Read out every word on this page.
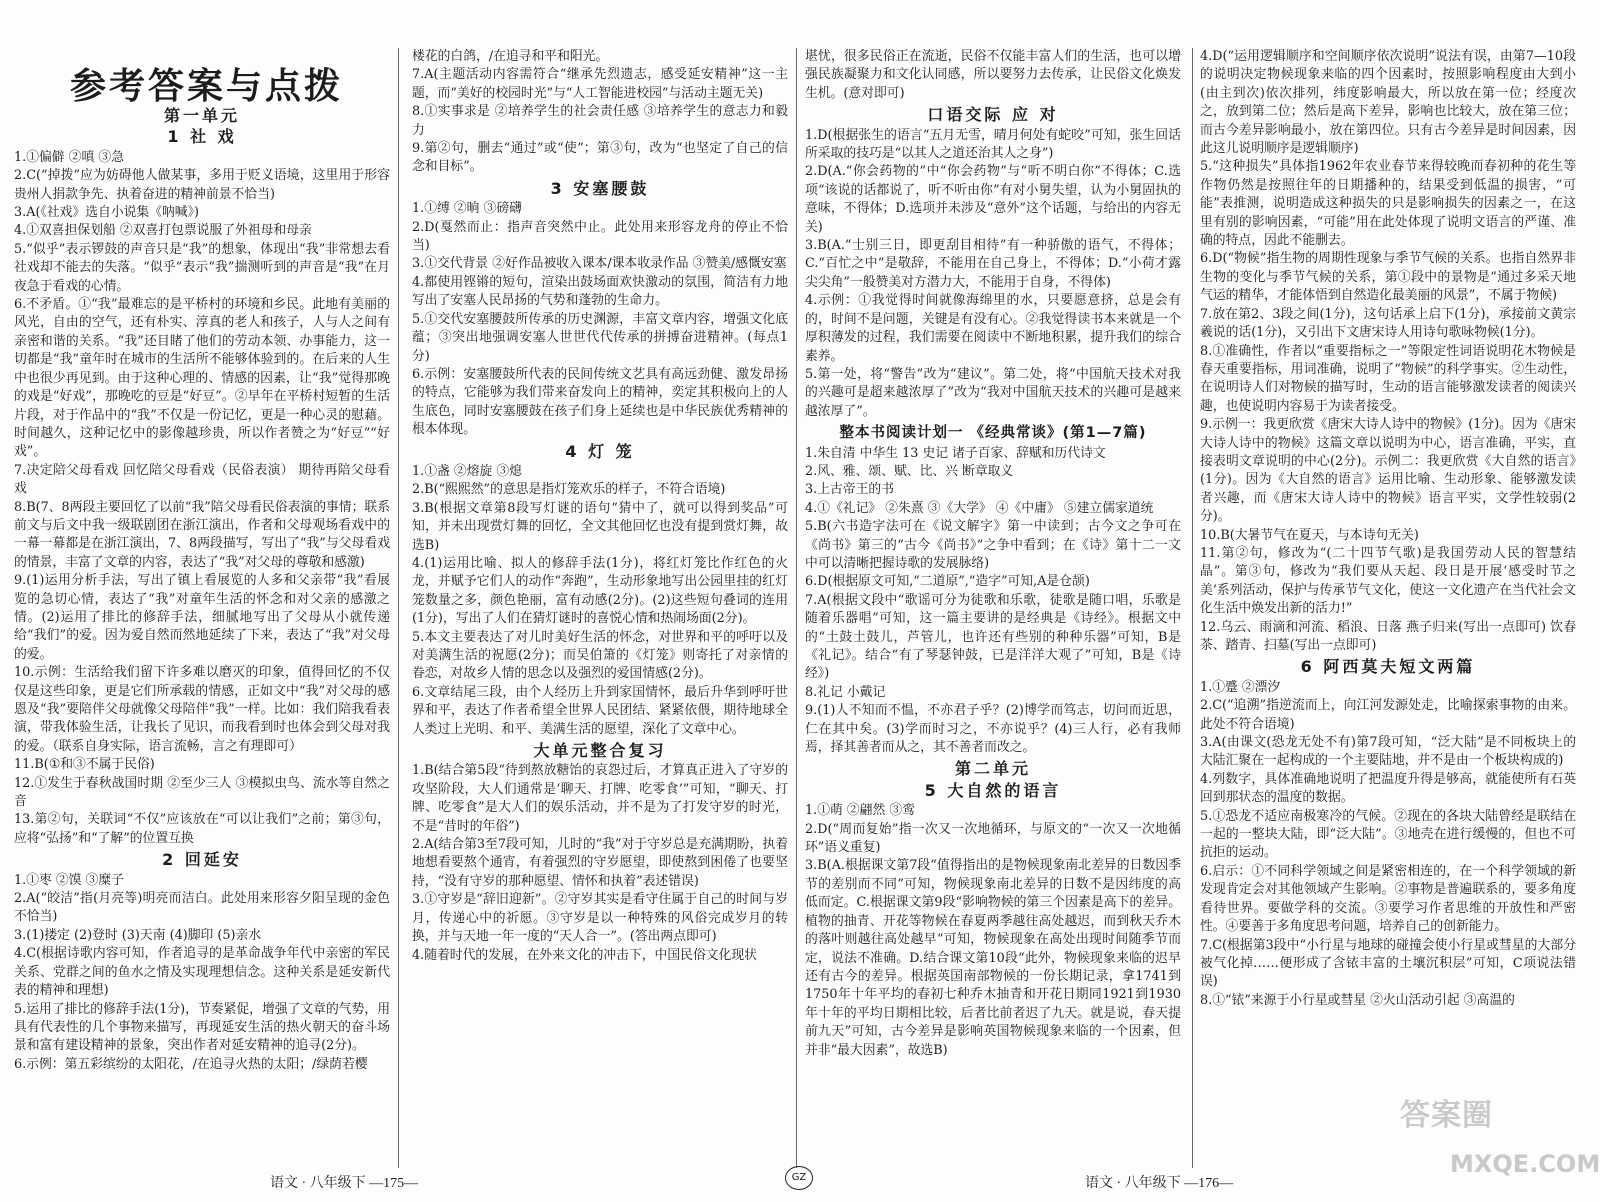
参考答案与点拨
第一单元
1 社 戏

1.①偏僻 ②嗔 ③急

2.C(“掉拨”应为妨碍他人做某事，多用于贬义语境，这里用于形容贵州人捐款争先、执着奋进的精神前景不恰当)

3.A(《社戏》选自小说集《呐喊》)

4.①双喜担保划船 ②双喜打包票说服了外祖母和母亲

5.“似乎”表示锣鼓的声音只是“我”的想象，体现出“我”非常想去看社戏却不能去的失落。“似乎”表示“我”揣测听到的声音是“我”在月夜急于看戏的心情。

6.不矛盾。①“我”最难忘的是平桥村的环境和乡民。此地有美丽的风光，自由的空气，还有朴实、淳真的老人和孩子，人与人之间有亲密和谐的关系。“我”还目睹了他们的劳动本领、办事能力，这一切都是“我”童年时在城市的生活所不能够体验到的。在后来的人生中也很少再见到。由于这种心理的、情感的因素，让“我”觉得那晚的戏是“好戏”，那晚吃的豆是“好豆”。②早年在平桥村短暂的生活片段，对于作品中的“我”不仅是一份记忆，更是一种心灵的慰藉。时间越久，这种记忆中的影像越珍贵，所以作者赞之为“好豆”“好戏”。

7.决定陪父母看戏 回忆陪父母看戏（民俗表演） 期待再陪父母看戏

8.B(7、8两段主要回忆了以前“我”陪父母看民俗表演的事情；联系前文与后文中我一级联剧团在浙江演出，作者和父母观场看戏中的一幕一幕都是在浙江演出，7、8两段描写，写出了“我”与父母看戏的情景，丰富了文章的内容，表达了“我”对父母的尊敬和感激)

9.(1)运用分析手法，写出了镇上看展览的人多和父亲带“我”看展览的急切心情，表达了“我”对童年生活的怀念和对父亲的感激之情。(2)运用了排比的修辞手法，细腻地写出了父母从小就传递给“我们”的爱。因为爱自然而然地延续了下来，表达了“我”对父母的爱。

10.示例：生活给我们留下许多难以磨灭的印象，值得回忆的不仅仅是这些印象，更是它们所承载的情感，正如文中“我”对父母的感恩及“我”要陪伴父母就像父母陪伴“我”一样。比如：我们陪我看表演，带我体验生活，让我长了见识，而我看到时也体会到父母对我的爱。（联系自身实际，语言流畅，言之有理即可）

11.B(①和③不属于民俗)

12.①发生于春秋战国时期 ②至少三人 ③模拟虫鸟、流水等自然之音

13.第②句，关联词“不仅”应该放在“可以让我们”之前；第③句，应将“弘扬”和“了解”的位置互换

2 回延安

1.①枣 ②馍 ③糜子

2.A(“皎洁”指(月亮等)明亮而洁白。此处用来形容夕阳呈现的金色不恰当)

3.(1)搂定 (2)登时 (3)天南 (4)脚印 (5)亲水

4.C(根据诗歌内容可知，作者追寻的是革命战争年代中亲密的军民关系、党群之间的鱼水之情及实现理想信念。这种关系是延安新代表的精神和理想)

5.运用了排比的修辞手法(1分)，节奏紧促，增强了文章的气势，用具有代表性的几个事物来描写，再现延安生活的热火朝天的奋斗场景和富有建设精神的景象，突出作者对延安精神的追寻(2分)。

6.示例：第五彩缤纷的太阳花，/在追寻火热的太阳；/绿荫若樱

楼花的白鸽，/在追寻和平和阳光。

7.A(主题活动内容需符合“继承先烈遗志，感受延安精神”这一主题，而“美好的校园时光”与“人工智能进校园”与活动主题无关)

8.①实事求是 ②培养学生的社会责任感 ③培养学生的意志力和毅力

9.第②句，删去“通过”或“使”；第③句，改为“也坚定了自己的信念和目标”。

3 安塞腰鼓

1.①缚 ②晌 ③磅礴

2.D(戛然而止：指声音突然中止。此处用来形容龙舟的停止不恰当)

3.①交代背景 ②好作品被收入课本/课本收录作品 ③赞美/感慨安塞

4.都使用铿锵的短句，渲染出鼓场面欢快激动的氛围，简洁有力地写出了安塞人民昂扬的气势和蓬勃的生命力。

5.①交代安塞腰鼓所传承的历史渊源，丰富文章内容，增强文化底蕴；③突出地强调安塞人世世代代传承的拼搏奋进精神。(每点1分)

6.示例：安塞腰鼓所代表的民间传统文艺具有高远劲健、激发昂扬的特点，它能够为我们带来奋发向上的精神，奕定其积极向上的人生底色，同时安塞腰鼓在孩子们身上延续也是中华民族优秀精神的根本体现。

4 灯 笼

1.①盏 ②熔旋 ③熄

2.B(“熙熙然”的意思是指灯笼欢乐的样子，不符合语境)

3.B(根据文章第8段写灯谜的语句“猜中了，就可以得到奖品”可知，并未出现赏灯舞的回忆，全文其他回忆也没有提到赏灯舞，故选B)

4.(1)运用比喻、拟人的修辞手法(1分)，将红灯笼比作红色的火龙，并赋予它们人的动作“奔跑”，生动形象地写出公园里挂的红灯笼数量之多，颜色艳丽，富有动感(2分)。(2)这些短句叠词的连用(1分)，写出了人们在猜灯谜时的喜悦心情和热闹场面(2分)。

5.本文主要表达了对儿时美好生活的怀念，对世界和平的呼吁以及对美满生活的祝愿(2分)；而吴伯箫的《灯笼》则寄托了对亲情的眷恋，对故乡人情的思念以及强烈的爱国情感(2分)。

6.文章结尾三段，由个人经历上升到家国情怀，最后升华到呼吁世界和平，表达了作者希望全世界人民团结、紧紧依偎，期待地球全人类过上光明、和平、美满生活的愿望，深化了文章中心。

大单元整合复习

1.B(结合第5段“待到熬放糖饴的哀怨过后，才算真正进入了守岁的攻坚阶段，大人们通常是‘聊天、打牌、吃零食’”可知，“聊天、打牌、吃零食”是大人们的娱乐活动，并不是为了打发守岁的时光，不是“昔时的年俗”)

2.A(结合第3至7段可知，儿时的“我”对于守岁总是充满期盼，执着地想看要熬个通宵，有着强烈的守岁愿望，即使熬到困倦了也要坚持，“没有守岁的那种愿望、情怀和执着”表述错误)

3.①守岁是“辞旧迎新”。②守岁其实是看守住属于自己的时间与岁月，传递心中的祈愿。③守岁是以一种特殊的风俗完成岁月的转换，并与天地一年一度的“天人合一”。(答出两点即可)

4.随着时代的发展，在外来文化的冲击下，中国民俗文化现状

堪忧，很多民俗正在流逝，民俗不仅能丰富人们的生活，也可以增强民族凝聚力和文化认同感，所以要努力去传承，让民俗文化焕发生机。(意对即可)

口语交际 应 对

1.D(根据张生的语言“五月无雪，晴月何处有蛇咬”可知，张生回话所采取的技巧是“以其人之道还治其人之身”)

2.D(A.“你会药物的”中“你会药物”与“听不明白你”不得体；C.选项“该说的话都说了，听不听由你”有对小舅失望，认为小舅固执的意味，不得体；D.选项并未涉及“意外”这个话题，与给出的内容无关)

3.B(A.“士别三日，即更刮目相待”有一种骄傲的语气，不得体；C.“百忙之中”是敬辞，不能用在自己身上，不得体；D.“小荷才露尖尖角”一般赞美对方潜力大，不能用于自身，不得体)

4.示例：①我觉得时间就像海绵里的水，只要愿意挤，总是会有的，时间不是问题，关键是有没有心。②我觉得读书本来就是一个厚积薄发的过程，我们需要在阅读中不断地积累，提升我们的综合素养。

5.第一处，将“警告”改为“建议”。第二处，将“中国航天技术对我的兴趣可是超来越浓厚了”改为“我对中国航天技术的兴趣可是越来越浓厚了”。

整本书阅读计划一 《经典常谈》(第1—7篇)

1.朱自清 中华生 13 史记 诸子百家、辞赋和历代诗文

2.风、雅、颂、赋、比、兴 断章取义

3.上古帝王的书

4.①《礼记》 ②朱熹 ③《大学》 ④《中庸》 ⑤建立儒家道统

5.B(六书造字法可在《说文解字》第一中读到；古今文之争可在《尚书》第三的“古今《尚书》”之争中看到；在《诗》第十二一文中可以清晰把握诗歌的发展脉络)

6.D(根据原文可知,“二道原”,“造字”可知,A是仓颉)

7.A(根据文段中“歌谣可分为徒歌和乐歌，徒歌是随口唱，乐歌是随着乐器唱”可知，这一篇主要讲的是经典是《诗经》。根据文中的“土鼓土鼓儿，芦管儿，也许还有些别的种种乐器”可知，B是《礼记》。结合“有了琴瑟钟鼓，已是洋洋大观了”可知，B是《诗经》)

8.礼记 小戴记

9.(1)人不知而不愠，不亦君子乎？(2)博学而笃志，切问而近思，仁在其中矣。(3)学而时习之，不亦说乎？(4)三人行，必有我师焉，择其善者而从之，其不善者而改之。

第二单元
5 大自然的语言

1.①萌 ②翩然 ③鸾

2.D(“周而复始”指一次又一次地循环，与原文的“一次又一次地循环”语义重复)

3.B(A.根据课文第7段“值得指出的是物候现象南北差异的日数因季节的差别而不同”可知，物候现象南北差异的日数不是因纬度的高低而定。C.根据课文第9段“影响物候的第三个因素是高下的差异。植物的抽青、开花等物候在春夏两季越往高处越迟，而到秋天乔木的落叶则越往高处越早”可知，物候现象在高处出现时间随季节而定，说法不准确。D.结合课文第10段“此外，物候现象来临的迟早还有古今的差异。根据英国南部物候的一份长期记录，拿1741到1750年十年平均的春初七种乔木抽青和开花日期同1921到1930年十年的平均日期相比较，后者比前者迟了九天。就是说，春天提前九天”可知，古今差异是影响英国物候现象来临的一个因素，但并非“最大因素”，故选B)

4.D(“运用逻辑顺序和空间顺序依次说明”说法有误，由第7—10段的说明决定物候现象来临的四个因素时，按照影响程度由大到小(由主到次)依次排列，纬度影响最大，所以放在第一位；经度次之，放到第二位；然后是高下差异，影响也比较大，放在第三位；而古今差异影响最小，放在第四位。只有古今差异是时间因素，因此这儿说明顺序是逻辑顺序)

5.“这种损失”具体指1962年农业春节来得较晚而春初种的花生等作物仍然是按照往年的日期播种的，结果受到低温的损害，“可能”表推测，说明造成这种损失的只是影响损失的因素之一，在这里有别的影响因素，“可能”用在此处体现了说明文语言的严谨、准确的特点，因此不能删去。

6.D(“物候”指生物的周期性现象与季节气候的关系。也指自然界非生物的变化与季节气候的关系，第①段中的景物是“通过多采天地气运的精华，才能体悟到自然造化最美丽的风景”，不属于物候)

7.放在第2、3段之间(1分)，这句话承上启下(1分)，承接前文黄宗羲说的话(1分)，又引出下文唐宋诗人用诗句歌咏物候(1分)。

8.①准确性，作者以“重要指标之一”等限定性词语说明花木物候是春天重要指标，用词准确，说明了“物候”的科学事实。②生动性，在说明诗人们对物候的描写时，生动的语言能够激发读者的阅读兴趣，也使说明内容易于为读者接受。

9.示例一：我更欣赏《唐宋大诗人诗中的物候》(1分)。因为《唐宋大诗人诗中的物候》这篇文章以说明为中心，语言准确，平实，直接表明文章说明的中心(2分)。示例二：我更欣赏《大自然的语言》(1分)。因为《大自然的语言》运用比喻、生动形象、能够激发读者兴趣，而《唐宋大诗人诗中的物候》语言平实，文学性较弱(2分)。

10.B(大暑节气在夏天，与本诗句无关)

11.第②句，修改为“(二十四节气歌)是我国劳动人民的智慧结晶”。第③句，修改为“我们要从天起、段日是开展‘感受时节之美’系列活动，保护与传承节气文化，使这一文化遗产在当代社会文化生活中焕发出新的活力!”

12.乌云、雨滴和河流、稻浪、日落 燕子归来(写出一点即可) 饮春茶、踏青、扫墓(写出一点即可)

6 阿西莫夫短文两篇

1.①蹙 ②漂汐

2.C(“追溯”指逆流而上，向江河发源处走，比喻探索事物的由来。此处不符合语境)

3.A(由课文(恐龙无处不有)第7段可知，“泛大陆”是不同板块上的大陆汇聚在一起构成的一个主要陆地，并不是由一个板块构成的)

4.列数字，具体准确地说明了把温度升得是够高，就能使所有石英回到那状态的温度的数据。

5.①恐龙不适应南极寒冷的气候。②现在的各块大陆曾经是联结在一起的一整块大陆，即“泛大陆”。③地壳在进行缓慢的，但也不可抗拒的运动。

6.启示：①不同科学领域之间是紧密相连的，在一个科学领域的新发现肯定会对其他领域产生影响。②事物是普遍联系的，要多角度看待世界。要做学科的交流。③要学习作者思维的开放性和严密性。④要善于多角度思考问题，培养自己的创新能力。

7.C(根据第3段中“小行星与地球的碰撞会使小行星或彗星的大部分被气化掉……便形成了含铱丰富的土壤沉积层”可知，C项说法错误)

8.①“铱”来源于小行星或彗星 ②火山活动引起 ③高温的

语文 · 八年级下 —175—	GZ	语文 · 八年级下 —176—
答案圈
MXQE.COM
